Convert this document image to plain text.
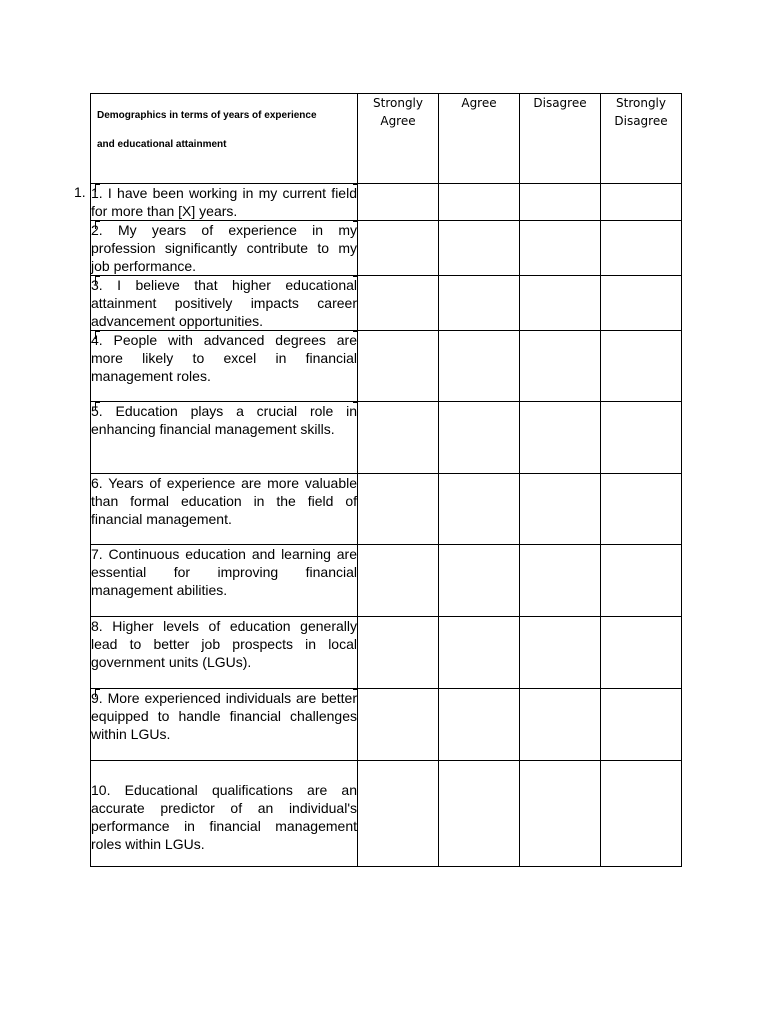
1.
Demographics in terms of years of experience
and educational attainment	Strongly Agree	Agree	Disagree	Strongly Disagree

1. I have been working in my current field for more than [X] years.				

2. My years of experience in my profession significantly contribute to my job performance.				

3. I believe that higher educational attainment positively impacts career advancement opportunities.				

4. People with advanced degrees are more likely to excel in financial management roles.				

5. Education plays a crucial role in enhancing financial management skills.				

6. Years of experience are more valuable than formal education in the field of financial management.				

7. Continuous education and learning are essential for improving financial management abilities.				

8. Higher levels of education generally lead to better job prospects in local government units (LGUs).				

9. More experienced individuals are better equipped to handle financial challenges within LGUs.				

10. Educational qualifications are an accurate predictor of an individual's performance in financial management roles within LGUs.				
